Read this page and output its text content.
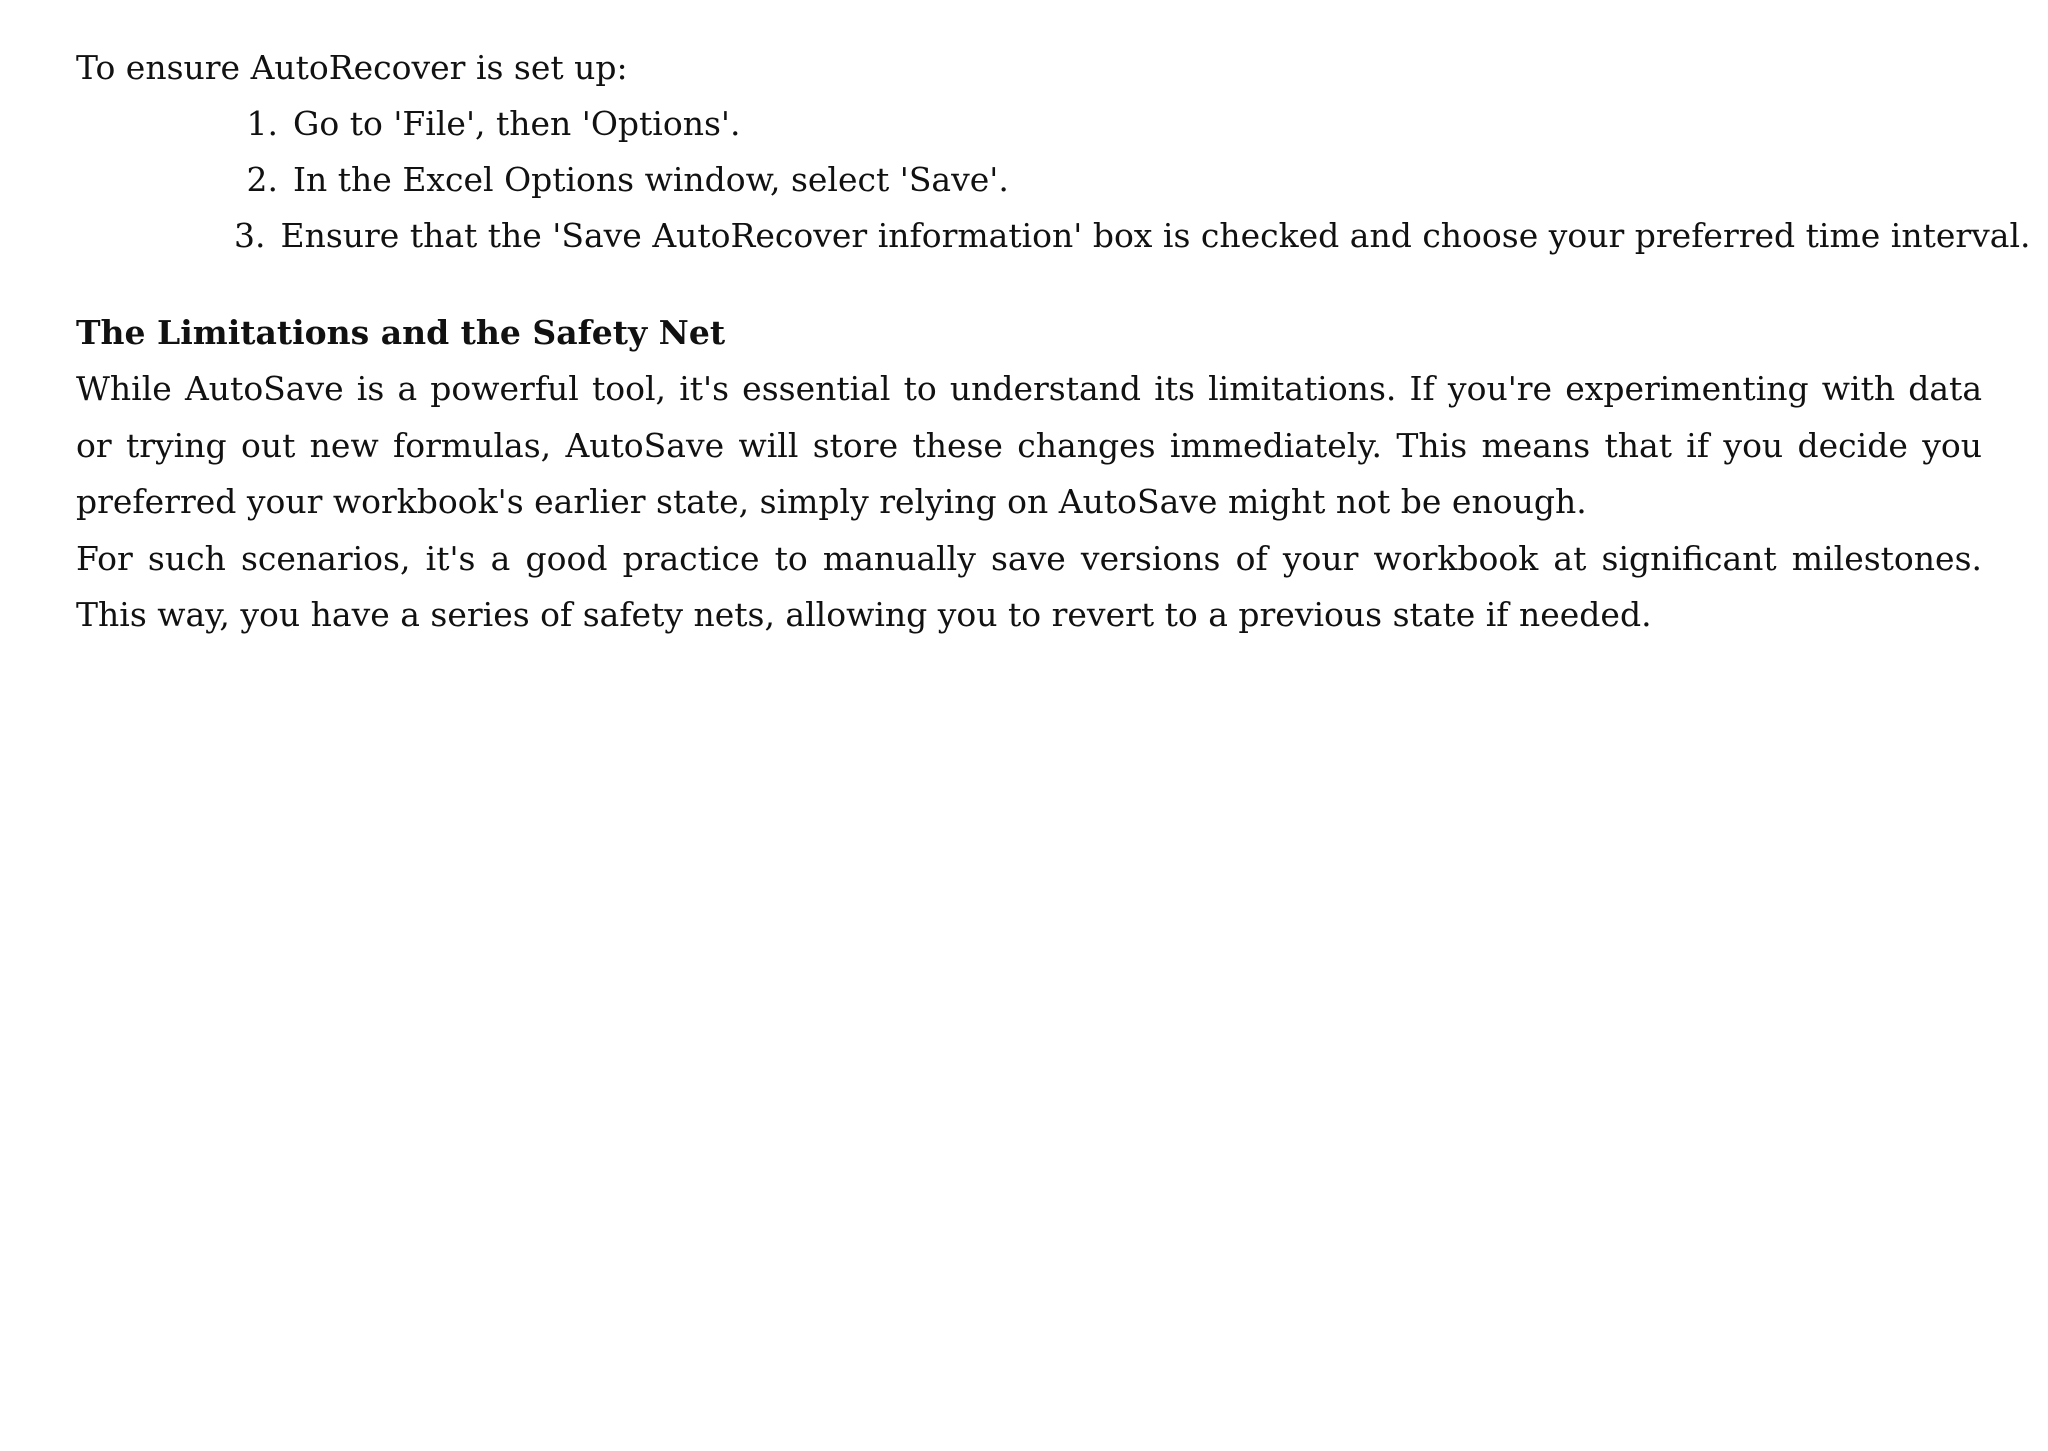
To ensure AutoRecover is set up:

1. Go to 'File', then 'Options'.
2. In the Excel Options window, select 'Save'.
3. Ensure that the 'Save AutoRecover information' box is checked and choose your preferred time interval.
The Limitations and the Safety Net

While AutoSave is a powerful tool, it's essential to understand its limitations. If you're experimenting with data or trying out new formulas, AutoSave will store these changes immediately. This means that if you decide you preferred your workbook's earlier state, simply relying on AutoSave might not be enough.

For such scenarios, it's a good practice to manually save versions of your workbook at significant milestones. This way, you have a series of safety nets, allowing you to revert to a previous state if needed.
